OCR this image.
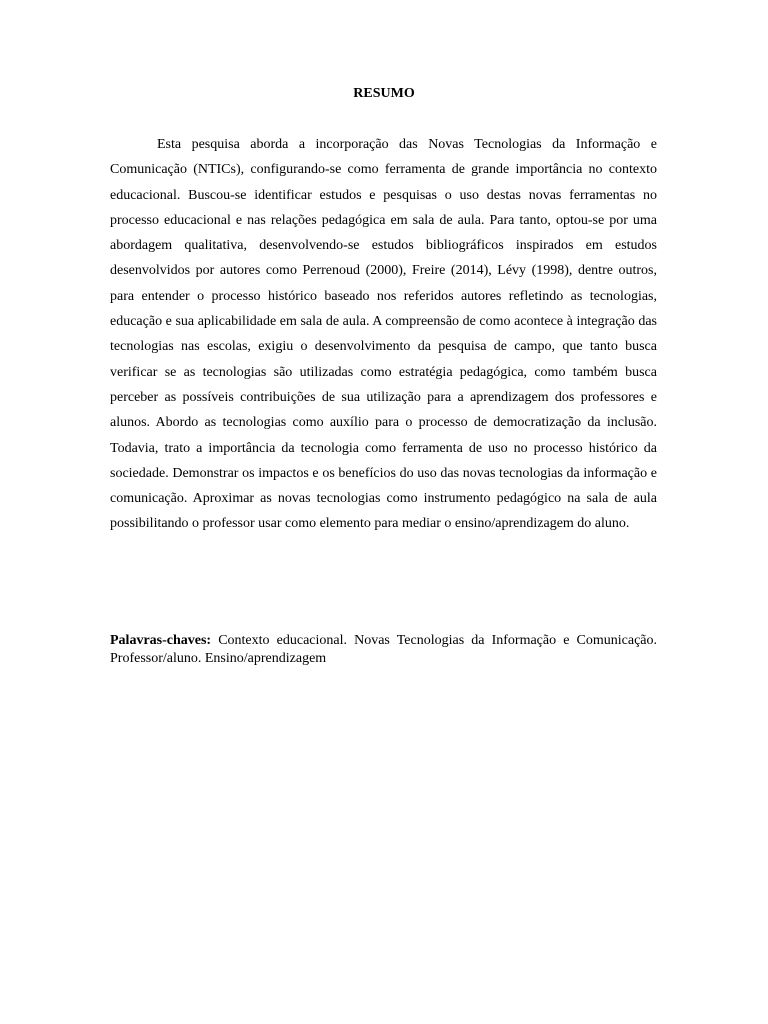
RESUMO

Esta pesquisa aborda a incorporação das Novas Tecnologias da Informação e Comunicação (NTICs), configurando-se como ferramenta de grande importância no contexto educacional. Buscou-se identificar estudos e pesquisas o uso destas novas ferramentas no processo educacional e nas relações pedagógica em sala de aula. Para tanto, optou-se por uma abordagem qualitativa, desenvolvendo-se estudos bibliográficos inspirados em estudos desenvolvidos por autores como Perrenoud (2000), Freire (2014), Lévy (1998), dentre outros, para entender o processo histórico baseado nos referidos autores refletindo as tecnologias, educação e sua aplicabilidade em sala de aula. A compreensão de como acontece à integração das tecnologias nas escolas, exigiu o desenvolvimento da pesquisa de campo, que tanto busca verificar se as tecnologias são utilizadas como estratégia pedagógica, como também busca perceber as possíveis contribuições de sua utilização para a aprendizagem dos professores e alunos. Abordo as tecnologias como auxílio para o processo de democratização da inclusão. Todavia, trato a importância da tecnologia como ferramenta de uso no processo histórico da sociedade. Demonstrar os impactos e os benefícios do uso das novas tecnologias da informação e comunicação. Aproximar as novas tecnologias como instrumento pedagógico na sala de aula possibilitando o professor usar como elemento para mediar o ensino/aprendizagem do aluno.

Palavras-chaves: Contexto educacional. Novas Tecnologias da Informação e Comunicação. Professor/aluno. Ensino/aprendizagem
